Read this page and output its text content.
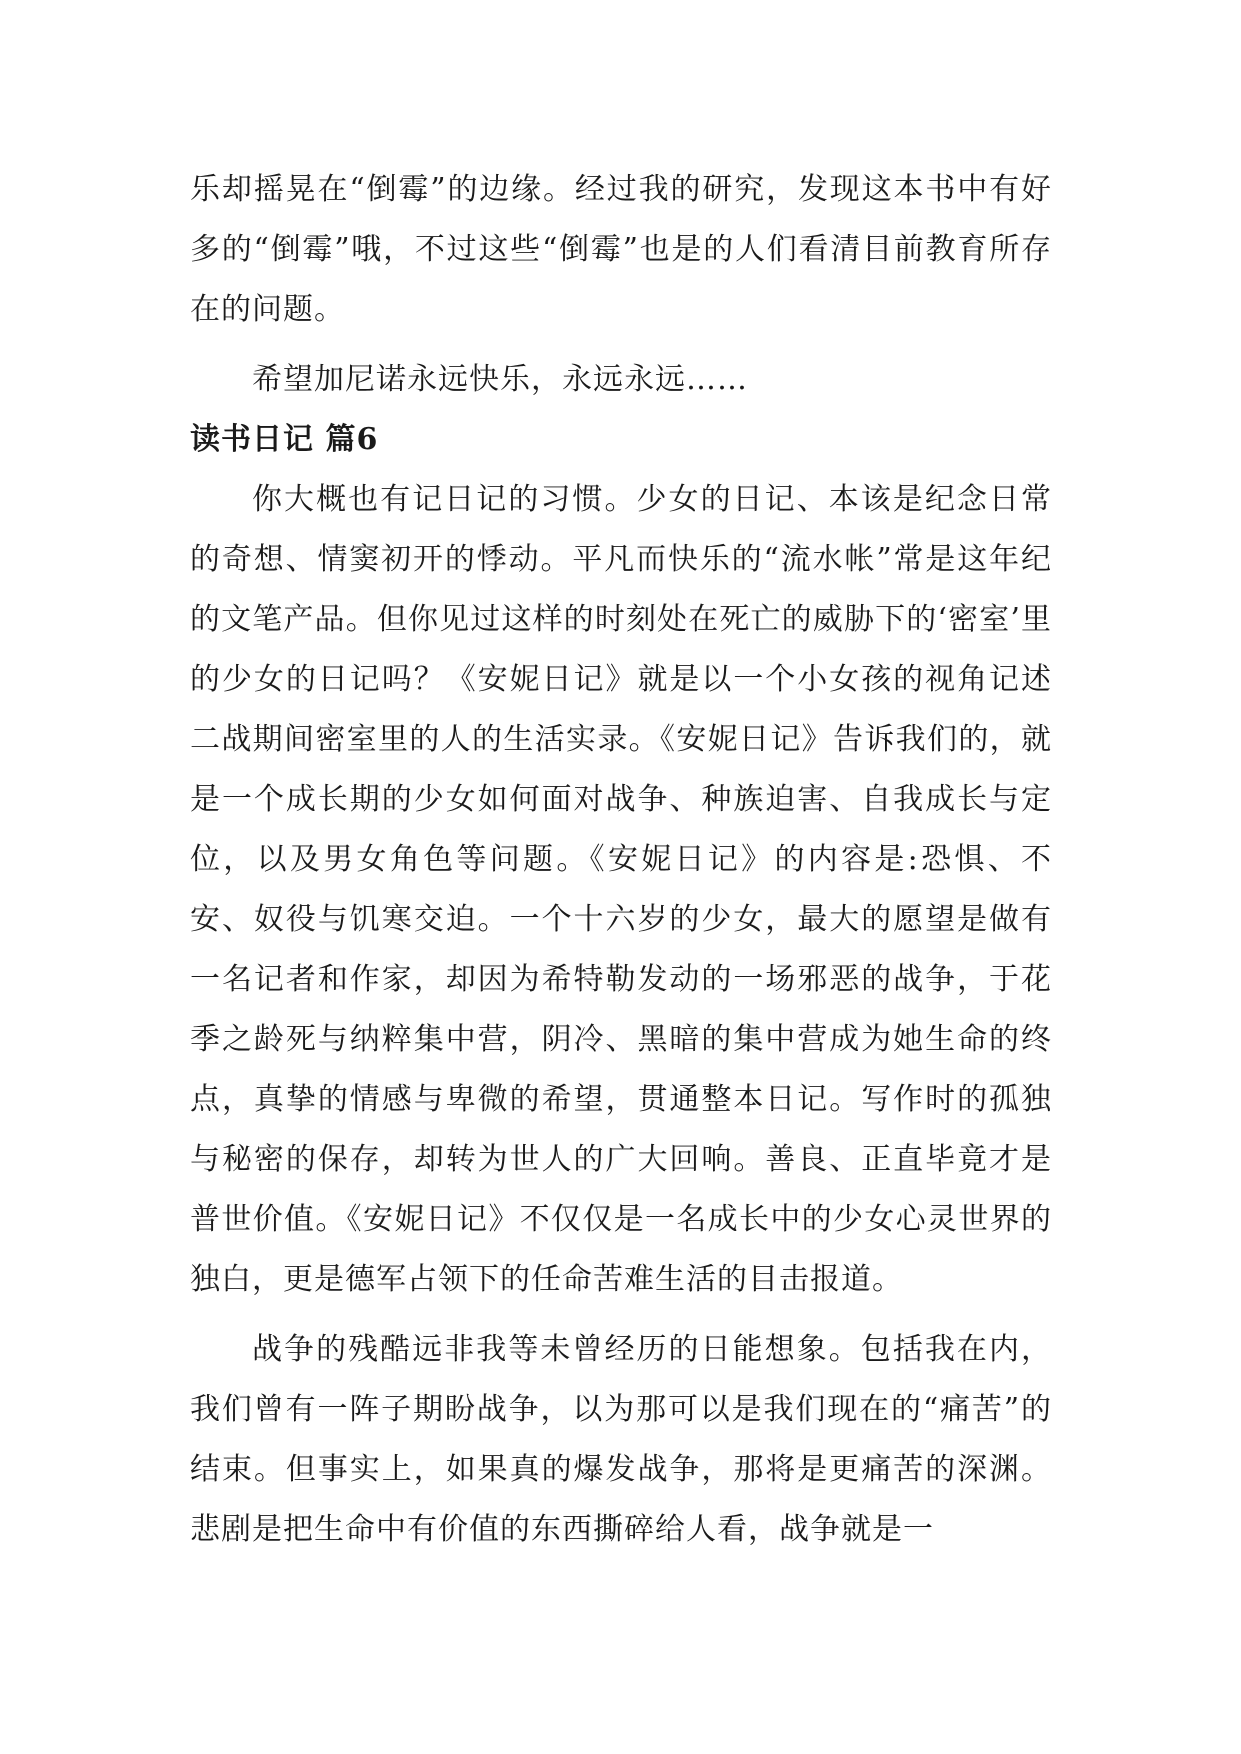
乐却摇晃在“倒霉”的边缘。经过我的研究，发现这本书中有好多的“倒霉”哦，不过这些“倒霉”也是的人们看清目前教育所存在的问题。

希望加尼诺永远快乐，永远永远……

读书日记 篇6

你大概也有记日记的习惯。少女的日记、本该是纪念日常的奇想、情窦初开的悸动。平凡而快乐的“流水帐”常是这年纪的文笔产品。但你见过这样的时刻处在死亡的威胁下的‘密室’里的少女的日记吗？《安妮日记》就是以一个小女孩的视角记述二战期间密室里的人的生活实录。《安妮日记》告诉我们的，就是一个成长期的少女如何面对战争、种族迫害、自我成长与定位，以及男女角色等问题。《安妮日记》的内容是:恐惧、不安、奴役与饥寒交迫。一个十六岁的少女，最大的愿望是做有一名记者和作家，却因为希特勒发动的一场邪恶的战争，于花季之龄死与纳粹集中营，阴冷、黑暗的集中营成为她生命的终点，真挚的情感与卑微的希望，贯通整本日记。写作时的孤独与秘密的保存，却转为世人的广大回响。善良、正直毕竟才是普世价值。《安妮日记》不仅仅是一名成长中的少女心灵世界的独白，更是德军占领下的任命苦难生活的目击报道。

战争的残酷远非我等未曾经历的日能想象。包括我在内，我们曾有一阵子期盼战争，以为那可以是我们现在的“痛苦”的结束。但事实上，如果真的爆发战争，那将是更痛苦的深渊。悲剧是把生命中有价值的东西撕碎给人看，战争就是一
